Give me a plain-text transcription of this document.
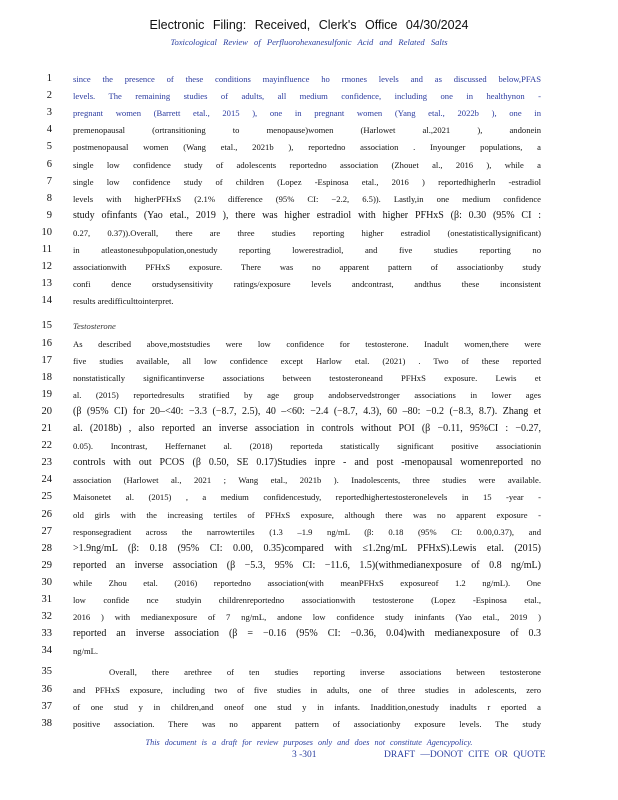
Electronic Filing: Received, Clerk's Office 04/30/2024
Toxicological Review of Perfluorohexanesulfonic Acid and Related Salts
1 since the presence of these conditions mayinfluence ho rmones levels and as discussed below,PFAS
2 levels. The remaining studies of adults, all medium confidence, including one in healthynon -
3 pregnant women (Barrett etal., 2015 ), one in pregnant women (Yang etal., 2022b ), one in
4 premenopausal (ortransitioning to menopause)women (Harlowet al.,2021 ), andonein
5 postmenopausal women (Wang etal., 2021b ), reportedno association . Inyounger populations, a
6 single low confidence study of adolescents reportedno association (Zhouet al., 2016 ), while a
7 single low confidence study of children (Lopez -Espinosa etal., 2016 ) reportedhigherln -estradiol
8 levels with higherPFHxS (2.1% difference (95% CI: −2.2, 6.5)). Lastly,in one medium confidence
9 study ofinfants (Yao etal., 2019 ), there was higher estradiol with higher PFHxS (β: 0.30 (95% CI :
10 0.27, 0.37)).Overall, there are three studies reporting higher estradiol (onestatisticallysignificant)
11 in atleastonesubpopulation,onestudy reporting lowerestradiol, and five studies reporting no
12 associationwith PFHxS exposure. There was no apparent pattern of associationby study
13 confi dence orstudysensitivity ratings/exposure levels andcontrast, andthus these inconsistent
14 results aredifficulttointerpret.
15 Testosterone
16 As described above,moststudies were low confidence for testosterone. Inadult women,there were
17 five studies available, all low confidence except Harlow etal. (2021) . Two of these reported
18 nonstatistically significantinverse associations between testosteroneand PFHxS exposure. Lewis et
19 al. (2015) reportedresults stratified by age group andobservedstronger associations in lower ages
20 (β (95% CI) for 20–<40: −3.3 (−8.7, 2.5), 40 –<60: −2.4 (−8.7, 4.3), 60 –80: −0.2 (−8.3, 8.7). Zhang et
21 al. (2018b) , also reported an inverse association in controls without POI (β −0.11, 95%CI : −0.27,
22 0.05). Incontrast, Heffernanet al. (2018) reporteda statistically significant positive associationin
23 controls with out PCOS (β 0.50, SE 0.17)Studies inpre - and post -menopausal womenreported no
24 association (Harlowet al., 2021 ; Wang etal., 2021b ). Inadolescents, three studies were available.
25 Maisonetet al. (2015) , a medium confidencestudy, reportedhighertestosteronelevels in 15 -year -
26 old girls with the increasing tertiles of PFHxS exposure, although there was no apparent exposure -
27 responsegradient across the narrowtertiles (1.3 –1.9 ng/mL (β: 0.18 (95% CI: 0.00,0.37), and
28 >1.9ng/mL (β: 0.18 (95% CI: 0.00, 0.35)compared with ≤1.2ng/mL PFHxS).Lewis etal. (2015)
29 reported an inverse association (β −5.3, 95% CI: −11.6, 1.5)(withmedianexposure of 0.8 ng/mL)
30 while Zhou etal. (2016) reportedno association(with meanPFHxS exposureof 1.2 ng/mL). One
31 low confide nce studyin childrenreportedno associationwith testosterone (Lopez -Espinosa etal.,
32 2016 ) with medianexposure of 7 ng/mL, andone low confidence study ininfants (Yao etal., 2019 )
33 reported an inverse association (β = −0.16 (95% CI: −0.36, 0.04)with medianexposure of 0.3
34 ng/mL.
35	Overall, there arethree of ten studies reporting inverse associations between testosterone
36 and PFHxS exposure, including two of five studies in adults, one of three studies in adolescents, zero
37 of one stud y in children,and oneof one stud y in infants. Inaddition,onestudy inadults r eported a
38 positive association. There was no apparent pattern of associationby exposure levels. The study
This document is a draft for review purposes only and does not constitute Agencypolicy.
3 -301	DRAFT —DONOT CITE OR QUOTE
